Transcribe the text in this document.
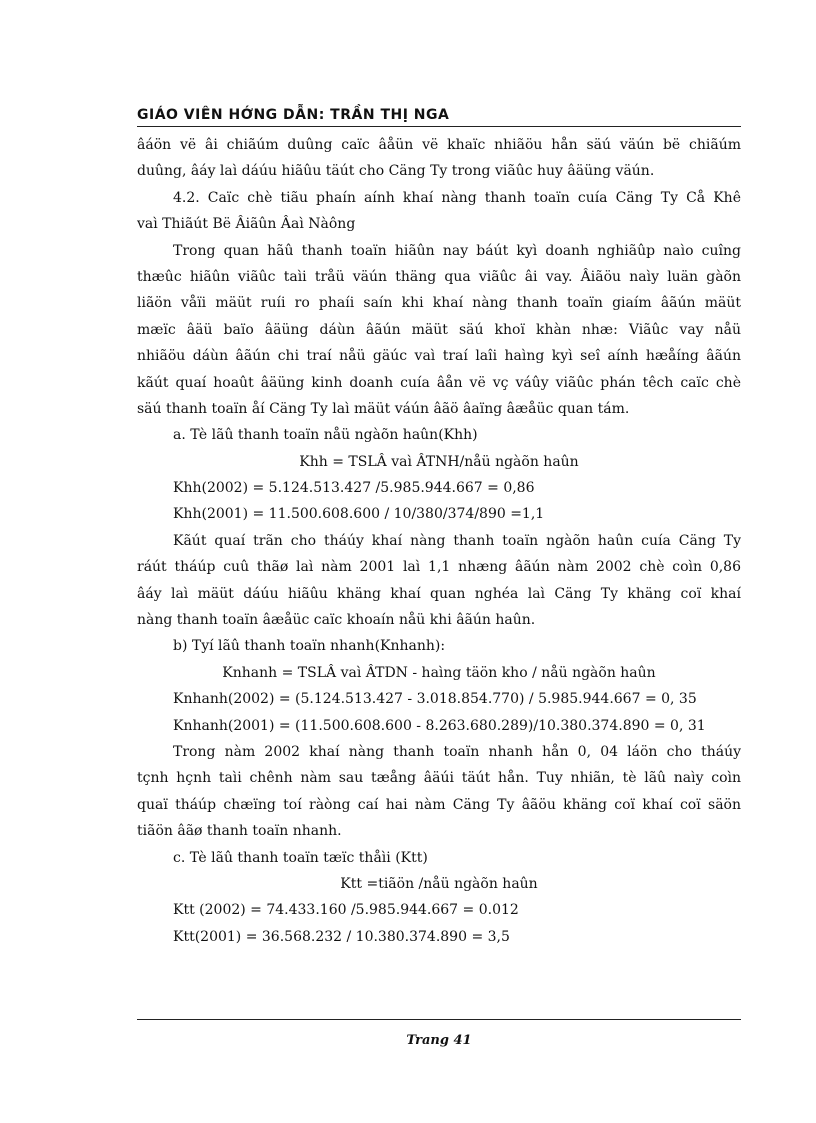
GIÁO VIÊN HỚNG DẪN: TRẦN THỊ NGA
âáön vë âi chiãúm duûng caïc âåün vë khaïc nhiãöu hån säú väún bë chiãúm
duûng, âáy laì dáúu hiãûu täút cho Cäng Ty trong viãûc huy âäüng väún.
4.2. Caïc chè tiãu phaín aính khaí nàng thanh toaïn cuía Cäng Ty Cå Khê
vaì Thiãút Bë Âiãûn Âaì Nàông
Trong quan hãû thanh toaïn hiãûn nay báút kyì doanh nghiãûp naìo cuîng
thæûc hiãûn viãûc taìi tråü väún thäng qua viãûc âi vay. Âiãöu naìy luän gàõn
liãön våïi mäüt ruíi ro phaíi saín khi khaí nàng thanh toaïn giaím âãún mäüt
mæïc âäü baïo âäüng dáùn âãún mäüt säú khoï khàn nhæ: Viãûc vay nåü
nhiãöu dáùn âãún chi traí nåü gäúc vaì traí laîi haìng kyì seî aính hæåíng âãún
kãút quaí hoaût âäüng kinh doanh cuía âån vë vç váûy viãûc phán têch caïc chè
säú thanh toaïn åí Cäng Ty laì mäüt váún âãö âaïng âæåüc quan tám.
a. Tè lãû thanh toaïn nåü ngàõn haûn(Khh)
Khh = TSLÂ vaì ÂTNH/nåü ngàõn haûn
Khh(2002) = 5.124.513.427 /5.985.944.667 = 0,86
Khh(2001) = 11.500.608.600 / 10/380/374/890 =1,1
Kãút quaí trãn cho tháúy khaí nàng thanh toaïn ngàõn haûn cuía Cäng Ty
ráút tháúp cuû thãø laì nàm 2001 laì 1,1 nhæng âãún nàm 2002 chè coìn 0,86
âáy laì mäüt dáúu hiãûu khäng khaí quan nghéa laì Cäng Ty khäng coï khaí
nàng thanh toaïn âæåüc caïc khoaín nåü khi âãún haûn.
b) Tyí lãû thanh toaïn nhanh(Knhanh):
Knhanh = TSLÂ vaì ÂTDN - haìng täön kho / nåü ngàõn haûn
Knhanh(2002) = (5.124.513.427 - 3.018.854.770) / 5.985.944.667 = 0, 35
Knhanh(2001) = (11.500.608.600 - 8.263.680.289)/10.380.374.890 = 0, 31
Trong nàm 2002 khaí nàng thanh toaïn nhanh hån 0, 04 láön cho tháúy
tçnh hçnh taìi chênh nàm sau tæång âäúi täút hån. Tuy nhiãn, tè lãû naìy coìn
quaï tháúp chæïng toí ràòng caí hai nàm Cäng Ty âãöu khäng coï khaí coï säön
tiãön âãø thanh toaïn nhanh.
c. Tè lãû thanh toaïn tæïc thåìi (Ktt)
Ktt =tiãön /nåü ngàõn haûn
Ktt (2002) = 74.433.160 /5.985.944.667 = 0.012
Ktt(2001) = 36.568.232 / 10.380.374.890 = 3,5
Trang 41
